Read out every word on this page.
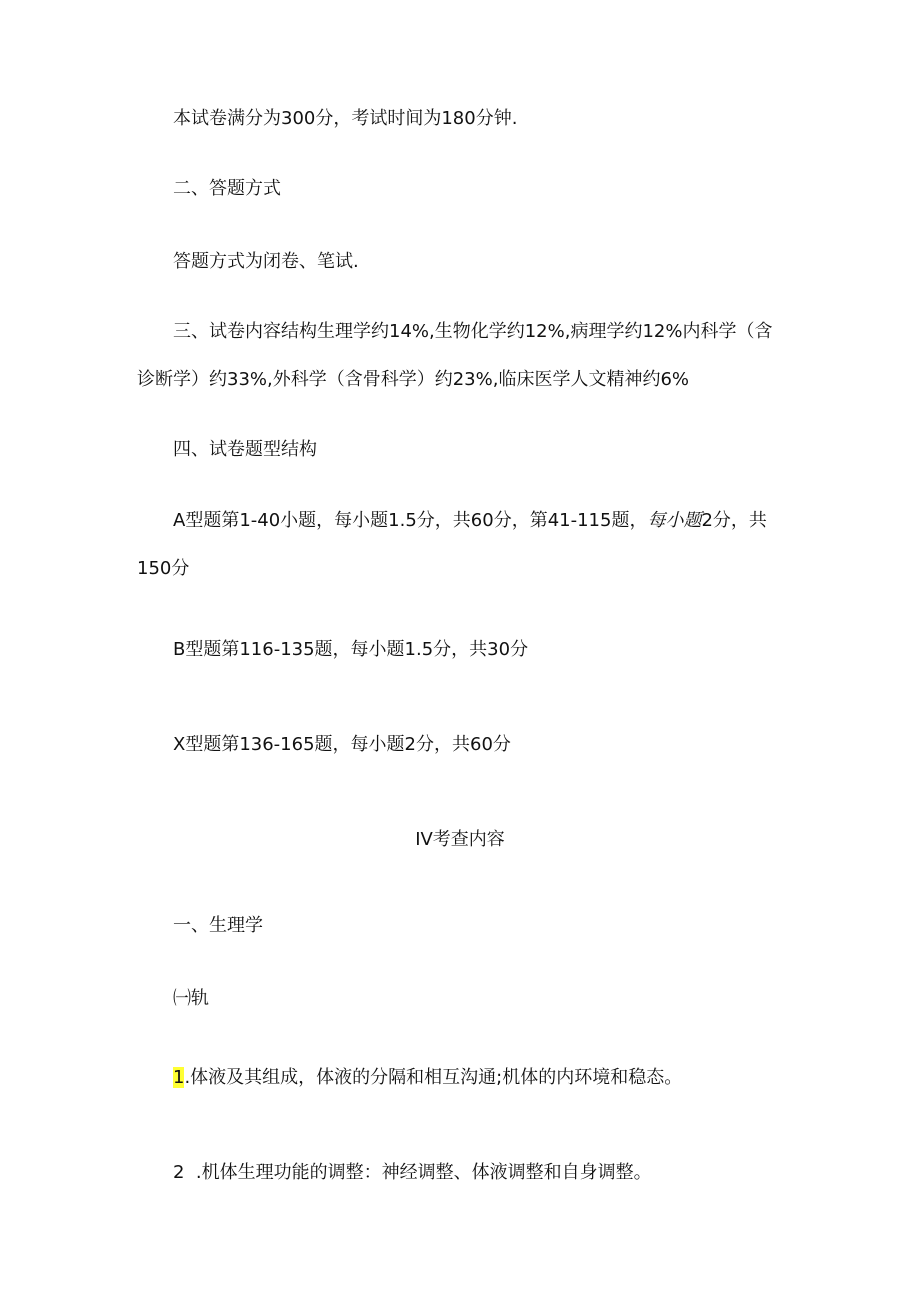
本试卷满分为300分，考试时间为180分钟.
二、答题方式
答题方式为闭卷、笔试.
三、试卷内容结构生理学约14%,生物化学约12%,病理学约12%内科学（含
诊断学）约33%,外科学（含骨科学）约23%,临床医学人文精神约6%
四、试卷题型结构
A型题第1-40小题，每小题1.5分，共60分，第41-115题，每小题2分，共
150分
B型题第116-135题，每小题1.5分，共30分
X型题第136-165题，每小题2分，共60分
IV考查内容
一、生理学
㈠轨
1.体液及其组成，体液的分隔和相互沟通;机体的内环境和稳态。
2  .机体生理功能的调整：神经调整、体液调整和自身调整。
